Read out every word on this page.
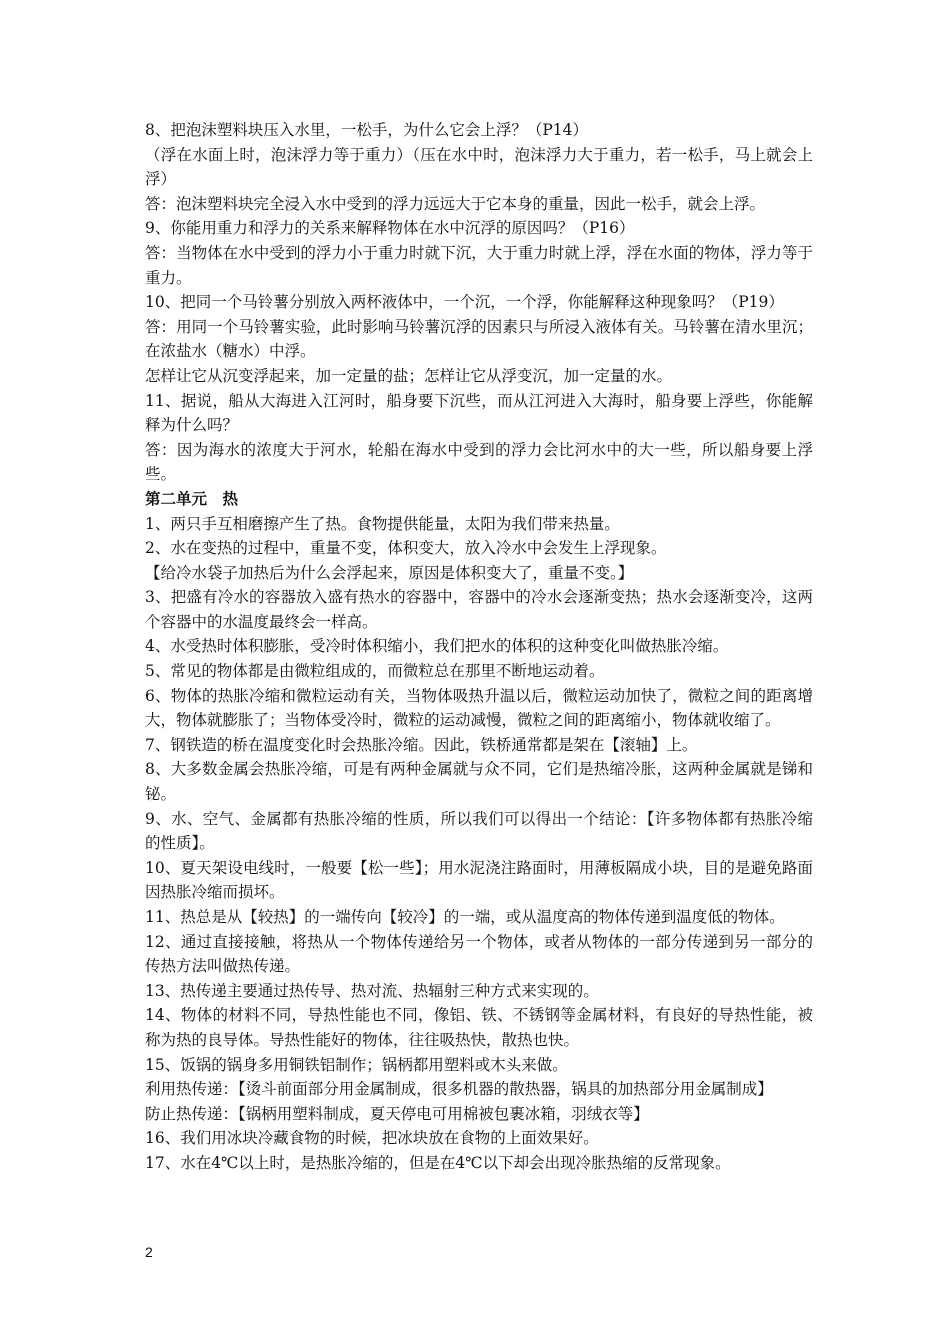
8、把泡沫塑料块压入水里，一松手，为什么它会上浮？（P14）

（浮在水面上时，泡沫浮力等于重力）（压在水中时，泡沫浮力大于重力，若一松手，马上就会上浮）

答：泡沫塑料块完全浸入水中受到的浮力远远大于它本身的重量，因此一松手，就会上浮。

9、你能用重力和浮力的关系来解释物体在水中沉浮的原因吗？（P16）

答：当物体在水中受到的浮力小于重力时就下沉，大于重力时就上浮，浮在水面的物体，浮力等于重力。

10、把同一个马铃薯分别放入两杯液体中，一个沉，一个浮，你能解释这种现象吗？（P19）

答：用同一个马铃薯实验，此时影响马铃薯沉浮的因素只与所浸入液体有关。马铃薯在清水里沉；在浓盐水（糖水）中浮。

怎样让它从沉变浮起来，加一定量的盐；怎样让它从浮变沉，加一定量的水。

11、据说，船从大海进入江河时，船身要下沉些，而从江河进入大海时，船身要上浮些，你能解释为什么吗？

答：因为海水的浓度大于河水，轮船在海水中受到的浮力会比河水中的大一些，所以船身要上浮些。

第二单元　热

1、两只手互相磨擦产生了热。食物提供能量，太阳为我们带来热量。

2、水在变热的过程中，重量不变，体积变大，放入冷水中会发生上浮现象。

【给冷水袋子加热后为什么会浮起来，原因是体积变大了，重量不变。】

3、把盛有冷水的容器放入盛有热水的容器中，容器中的冷水会逐渐变热；热水会逐渐变冷，这两个容器中的水温度最终会一样高。

4、水受热时体积膨胀，受冷时体积缩小，我们把水的体积的这种变化叫做热胀冷缩。

5、常见的物体都是由微粒组成的，而微粒总在那里不断地运动着。

6、物体的热胀冷缩和微粒运动有关，当物体吸热升温以后，微粒运动加快了，微粒之间的距离增大，物体就膨胀了；当物体受冷时，微粒的运动减慢，微粒之间的距离缩小，物体就收缩了。

7、钢铁造的桥在温度变化时会热胀冷缩。因此，铁桥通常都是架在【滚轴】上。

8、大多数金属会热胀冷缩，可是有两种金属就与众不同，它们是热缩冷胀，这两种金属就是锑和铋。

9、水、空气、金属都有热胀冷缩的性质，所以我们可以得出一个结论：【许多物体都有热胀冷缩的性质】。

10、夏天架设电线时，一般要【松一些】；用水泥浇注路面时，用薄板隔成小块，目的是避免路面因热胀冷缩而损坏。

11、热总是从【较热】的一端传向【较冷】的一端，或从温度高的物体传递到温度低的物体。

12、通过直接接触，将热从一个物体传递给另一个物体，或者从物体的一部分传递到另一部分的传热方法叫做热传递。

13、热传递主要通过热传导、热对流、热辐射三种方式来实现的。

14、物体的材料不同，导热性能也不同，像铝、铁、不锈钢等金属材料，有良好的导热性能，被称为热的良导体。导热性能好的物体，往往吸热快，散热也快。

15、饭锅的锅身多用铜铁铝制作；锅柄都用塑料或木头来做。

利用热传递：【烫斗前面部分用金属制成，很多机器的散热器，锅具的加热部分用金属制成】

防止热传递：【锅柄用塑料制成，夏天停电可用棉被包裹冰箱，羽绒衣等】

16、我们用冰块冷藏食物的时候，把冰块放在食物的上面效果好。

17、水在4℃以上时，是热胀冷缩的，但是在4℃以下却会出现冷胀热缩的反常现象。

2
